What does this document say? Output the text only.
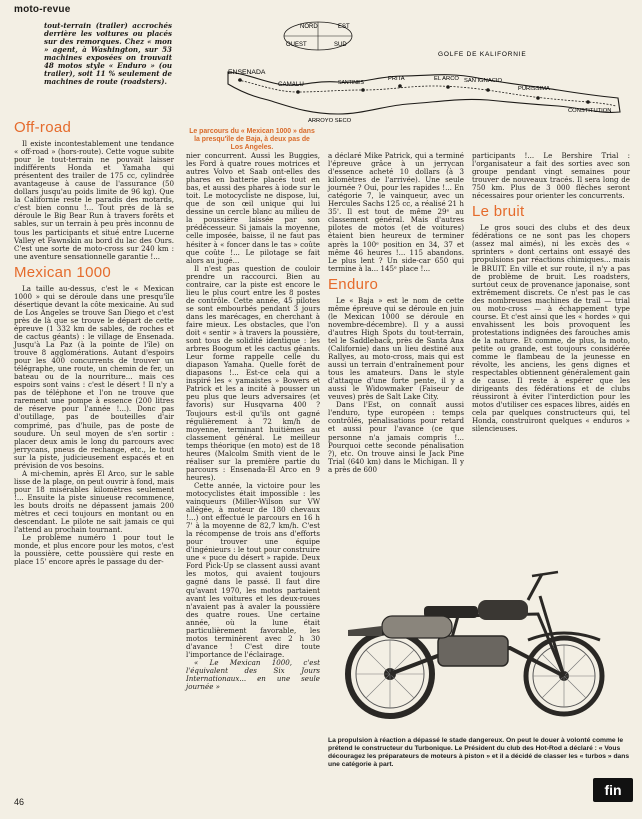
moto-revue

tout-terrain (trailer) accrochés derrière les voitures ou placés sur des remorques. Chez « mon » agent, à Washington, sur 53 machines exposées on trouvait 48 motos style « Enduro » (ou trailer), soit 11 % seulement de machines de route (roadsters).

NORD	EST
OUEST	SUD
GOLFE DE KALIFORNIE
ENSENADA
CAMALU	SANTINES
PRITA	EL ARCO SAN IGNACIO
PURISSIMA
CONSTITUTION
ARROYO SECO
Le parcours du « Mexican 1000 » dans la presqu'île de Baja, à deux pas de Los Angeles.
Off-road

Il existe incontestablement une tendance « off-road » (hors-route). Cette vogue subite pour le tout-terrain ne pouvait laisser indifférents Honda et Yamaha qui présentent des trailer de 175 cc, cylindrée avantageuse à cause de l'assurance (50 dollars jusqu'au poids limite de 96 kg). Que la Californie reste le paradis des motards, c'est bien connu !... Tout près de là se déroule le Big Bear Run à travers forêts et sables, sur un terrain à peu près inconnu de tous les participants et situé entre Lucerne Valley et Fawnskin au bord du lac des Ours. C'est une sorte de moto-cross sur 240 km : une aventure sensationnelle garantie !...

Mexican 1000

La taille au-dessus, c'est le « Mexican 1000 » qui se déroule dans une presqu'île désertique devant la côte mexicaine. Au sud de Los Angeles se trouve San Diego et c'est près de là que se trouve le départ de cette épreuve (1 332 km de sables, de roches et de cactus géants) : le village de Ensenada. Jusqu'à La Paz (à la pointe de l'île) on trouve 8 agglomérations. Autant d'espoirs pour les 400 concurrents de trouver un télégraphe, une route, un chemin de fer, un bateau ou de la nourriture... mais ces espoirs sont vains : c'est le désert ! Il n'y a pas de téléphone et l'on ne trouve que rarement une pompe à essence (200 litres de réserve pour l'année !...). Donc pas d'outillage, pas de bouteilles d'air comprimé, pas d'huile, pas de poste de soudure. Un seul moyen de s'en sortir : placer deux amis le long du parcours avec jerrycans, pneus de rechange, etc., le tout sur la piste, judicieusement espacés et en prévision de vos besoins.

A mi-chemin, après El Arco, sur le sable lisse de la plage, on peut ouvrir à fond, mais pour 18 misérables kilomètres seulement !... Ensuite la piste sinueuse recommence, les bouts droits ne dépassent jamais 200 mètres et ceci toujours en montant ou en descendant. Le pilote ne sait jamais ce qui l'attend au prochain tournant.

Le problème numéro 1 pour tout le monde, et plus encore pour les motos, c'est la poussière, cette poussière qui reste en place 15' encore après le passage du der-

nier concurrent. Aussi les Buggies, les Ford à quatre roues motrices et autres Volvo et Saab ont-elles des phares en batterie placés tout en bas, et aussi des phares à iode sur le toit. Le motocycliste ne dispose, lui, que de son œil unique qui lui dessine un cercle blanc au milieu de la poussière laissée par son prédécesseur. Si jamais la moyenne, celle imposée, baisse, il ne faut pas hésiter à « foncer dans le tas » coûte que coûte !... Le pilotage se fait alors au jugé...

Il n'est pas question de couloir prendre un raccourci. Bien au contraire, car la piste est encore le lieu le plus court entre les 8 postes de contrôle. Cette année, 45 pilotes se sont embourbés pendant 3 jours dans les marécages, en cherchant à faire mieux. Les obstacles, que l'on doit « sentir » à travers la poussière, sont tous de solidité identique : les arbres Boogum et les cactus géants. Leur forme rappelle celle du diapason Yamaha. Quelle forêt de diapasons !... Est-ce cela qui a inspiré les « yamaistes » Bowers et Patrick et les a incité à pousser un peu plus que leurs adversaires (et favoris) sur Husqvarna 400 ? Toujours est-il qu'ils ont gagné régulièrement à 72 km/h de moyenne, terminant huitièmes au classement général. Le meilleur temps théorique (en moto) est de 18 heures (Malcolm Smith vient de le réaliser sur la première partie du parcours : Ensenada-El Arco en 9 heures).

Cette année, la victoire pour les motocyclistes était impossible : les vainqueurs (Miller-Wilson sur VW allégée, à moteur de 180 chevaux !...) ont effectué le parcours en 16 h 7' à la moyenne de 82,7 km/h. C'est la récompense de trois ans d'efforts pour trouver une équipe d'ingénieurs : le tout pour construire une « puce du désert » rapide. Deux Ford Pick-Up se classent aussi avant les motos, qui avaient toujours gagné dans le passé. Il faut dire qu'avant 1970, les motos partaient avant les voitures et les deux-roues n'avaient pas à avaler la poussière des quatre roues. Une certaine année, où la lune était particulièrement favorable, les motos terminèrent avec 2 h 30 d'avance ! C'est dire toute l'importance de l'éclairage.

« Le Mexican 1000, c'est l'équivalent des Six Jours Internationaux... en une seule journée »

a déclaré Mike Patrick, qui a terminé l'épreuve grâce à un jerrycan d'essence acheté 10 dollars (à 3 kilomètres de l'arrivée). Une seule journée ? Oui, pour les rapides !... En catégorie 7, le vainqueur, avec un Hercules Sachs 125 cc, a réalisé 21 h 35'. Il est tout de même 29ᵉ au classement général. Mais d'autres pilotes de motos (et de voitures) étaient bien heureux de terminer après la 100ᵉ position en 34, 37 et même 46 heures !... 115 abandons. Le plus lent ? Un side-car 650 qui termine à la... 145ᵉ place !...

Enduro

Le « Baja » est le nom de cette même épreuve qui se déroule en juin (le Mexican 1000 se déroule en novembre-décembre). Il y a aussi d'autres High Spots du tout-terrain, tel le Saddleback, près de Santa Ana (Californie) dans un lieu destiné aux Rallyes, au moto-cross, mais qui est aussi un terrain d'entraînement pour tous les amateurs. Dans le style d'attaque d'une forte pente, il y a aussi le Widowmaker (Faiseur de veuves) près de Salt Lake City.

Dans l'Est, on connaît aussi l'enduro, type européen : temps contrôlés, pénalisations pour retard et aussi pour l'avance (ce que personne n'a jamais compris !... Pourquoi cette seconde pénalisation ?), etc. On trouve ainsi le Jack Pine Trial (640 km) dans le Michigan. Il y a près de 600

participants !... Le Bershire Trial : l'organisateur a fait des sorties avec son groupe pendant vingt semaines pour trouver de nouveaux tracés. Il sera long de 750 km. Plus de 3 000 flèches seront nécessaires pour orienter les concurrents.

Le bruit

Le gros souci des clubs et des deux fédérations ce ne sont pas les chopers (assez mal aimés), ni les excès des « sprinters » dont certains ont essayé des propulsions par réactions chimiques... mais le BRUIT. En ville et sur route, il n'y a pas de problème de bruit. Les roadsters, surtout ceux de provenance japonaise, sont extrêmement discrets. Ce n'est pas le cas des nombreuses machines de trail — trial ou moto-cross — à échappement type course. Et c'est ainsi que les « hordes » qui envahissent les bois provoquent les protestations indignées des farouches amis de la nature. Et comme, de plus, la moto, petite ou grande, est toujours considérée comme le flambeau de la jeunesse en révolte, les anciens, les gens dignes et respectables obtiennent généralement gain de cause. Il reste à espérer que les dirigeants des fédérations et de clubs réussiront à éviter l'interdiction pour les motos d'utiliser ces espaces libres, aidés en cela par quelques constructeurs qui, tel Honda, construiront quelques « enduros » silencieuses.

La propulsion à réaction a dépassé le stade dangereux. On peut le douer à volonté comme le prétend le constructeur du Turbonique. Le Président du club des Hot-Rod a déclaré : « Vous découragez les préparateurs de moteurs à piston » et il a décidé de classer les « turbos » dans une catégorie à part.
46
fin
